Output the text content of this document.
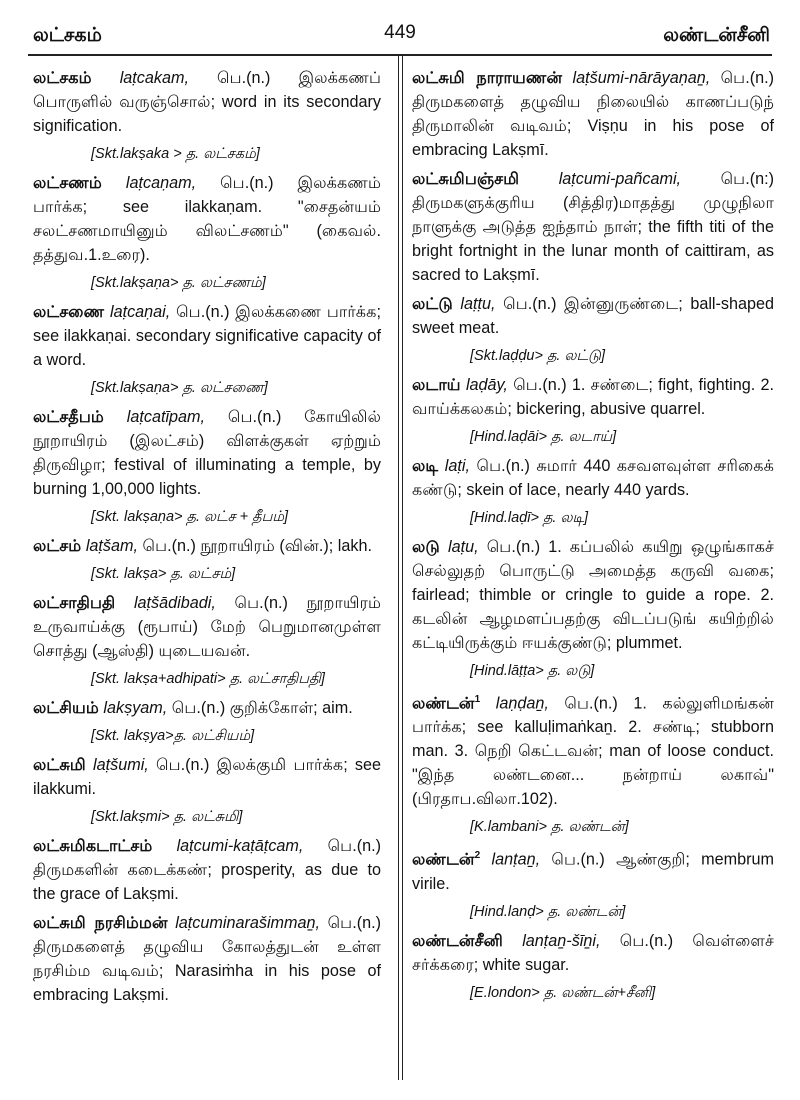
லட்சகம்	449	லண்டன்சீனி

லட்சகம் laṭcakam, பெ.(n.) இலக்கணப் பொருளில் வருஞ்சொல்; word in its secondary signification.

[Skt.lakṣaka > த. லட்சகம்]

லட்சணம் laṭcaṇam, பெ.(n.) இலக்கணம் பார்க்க; see ilakkaṇam. "சைதன்யம் சலட்சணமாயினும் விலட்சணம்" (கைவல். தத்துவ.1.உரை).

[Skt.lakṣaṇa> த. லட்சணம்]

லட்சணை laṭcaṇai, பெ.(n.) இலக்கணை பார்க்க; see ilakkaṇai. secondary significative capacity of a word.

[Skt.lakṣaṇa> த. லட்சணை]

லட்சதீபம் laṭcatīpam, பெ.(n.) கோயிலில் நூறாயிரம் (இலட்சம்) விளக்குகள் ஏற்றும் திருவிழா; festival of illuminating a temple, by burning 1,00,000 lights.

[Skt. lakṣaṇa> த. லட்ச + தீபம்]

லட்சம் laṭšam, பெ.(n.) நூறாயிரம் (வின்.); lakh.

[Skt. lakṣa> த. லட்சம்]

லட்சாதிபதி laṭšādibadi, பெ.(n.) நூறாயிரம் உருவாய்க்கு (ரூபாய்) மேற் பெறுமானமுள்ள சொத்து (ஆஸ்தி) யுடையவன்.

[Skt. lakṣa+adhipati> த. லட்சாதிபதி]

லட்சியம் lakṣyam, பெ.(n.) குறிக்கோள்; aim.

[Skt. lakṣya>த. லட்சியம்]

லட்சுமி laṭšumi, பெ.(n.) இலக்குமி பார்க்க; see ilakkumi.

[Skt.lakṣmi> த. லட்சுமி]

லட்சுமிகடாட்சம் laṭcumi-kaṭāṭcam, பெ.(n.) திருமகளின் கடைக்கண்; prosperity, as due to the grace of Lakṣmi.

லட்சுமி நரசிம்மன் laṭcuminarašimmaṉ, பெ.(n.) திருமகளைத் தழுவிய கோலத்துடன் உள்ள நரசிம்ம வடிவம்; Narasiṁha in his pose of embracing Lakṣmi.

லட்சுமி நாராயணன் laṭšumi-nārāyaṇaṉ, பெ.(n.) திருமகளைத் தழுவிய நிலையில் காணப்படுந் திருமாலின் வடிவம்; Viṣṇu in his pose of embracing Lakṣmī.

லட்சுமிபஞ்சமி laṭcumi-pañcami, பெ.(n:) திருமகளுக்குரிய (சித்திர)மாதத்து முழுநிலா நாளுக்கு அடுத்த ஐந்தாம் நாள்; the fifth titi of the bright fortnight in the lunar month of caittiram, as sacred to Lakṣmī.

லட்டு laṭṭu, பெ.(n.) இன்னுருண்டை; ball-shaped sweet meat.

[Skt.laḍḍu> த. லட்டு]

லடாய் laḍāy, பெ.(n.) 1. சண்டை; fight, fighting. 2. வாய்க்கலகம்; bickering, abusive quarrel.

[Hind.laḍāi> த. லடாய்]

லடி laṭi, பெ.(n.) சுமார் 440 கசவளவுள்ள சரிகைக் கண்டு; skein of lace, nearly 440 yards.

[Hind.laḍī> த. லடி]

லடு laṭu, பெ.(n.) 1. கப்பலில் கயிறு ஒழுங்காகச் செல்லுதற் பொருட்டு அமைத்த கருவி வகை; fairlead; thimble or cringle to guide a rope. 2. கடலின் ஆழமளப்பதற்கு விடப்படுங் கயிற்றில் கட்டியிருக்கும் ஈயக்குண்டு; plummet.

[Hind.lāṭṭa> த. லடு]

லண்டன்$^1$ laṇḍaṉ, பெ.(n.) 1. கல்லுளிமங்கன் பார்க்க; see kalluḷimaṅkaṉ. 2. சண்டி; stubborn man. 3. நெறி கெட்டவன்; man of loose conduct. "இந்த லண்டனை... நன்றாய் லகாவ்" (பிரதாப.விலா.102).

[K.lambani> த. லண்டன்]

லண்டன்$^2$ lanṭaṉ, பெ.(n.) ஆண்குறி; membrum virile.

[Hind.lanḍ> த. லண்டன்]

லண்டன்சீனி lanṭaṉ-šīṉi, பெ.(n.) வெள்ளைச் சர்க்கரை; white sugar.

[E.london> த. லண்டன்+சீனி]
